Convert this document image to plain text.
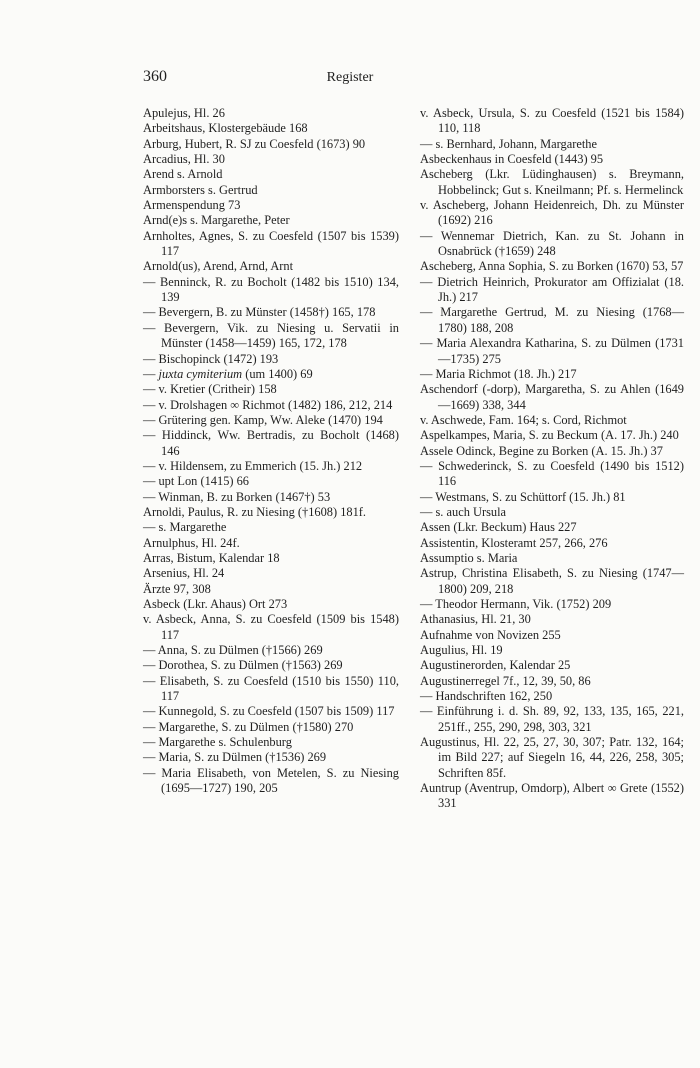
360	Register
Apulejus, Hl. 26
Arbeitshaus, Klostergebäude 168
Arburg, Hubert, R. SJ zu Coesfeld (1673) 90
Arcadius, Hl. 30
Arend s. Arnold
Armborsters s. Gertrud
Armenspendung 73
Arnd(e)s s. Margarethe, Peter
Arnholtes, Agnes, S. zu Coesfeld (1507 bis 1539) 117
Arnold(us), Arend, Arnd, Arnt
— Benninck, R. zu Bocholt (1482 bis 1510) 134, 139
— Bevergern, B. zu Münster (1458†) 165, 178
— Bevergern, Vik. zu Niesing u. Servatii in Münster (1458—1459) 165, 172, 178
— Bischopinck (1472) 193
— juxta cymiterium (um 1400) 69
— v. Kretier (Critheir) 158
— v. Drolshagen ∞ Richmot (1482) 186, 212, 214
— Grütering gen. Kamp, Ww. Aleke (1470) 194
— Hiddinck, Ww. Bertradis, zu Bocholt (1468) 146
— v. Hildensem, zu Emmerich (15. Jh.) 212
— upt Lon (1415) 66
— Winman, B. zu Borken (1467†) 53
Arnoldi, Paulus, R. zu Niesing (†1608) 181f.
— s. Margarethe
Arnulphus, Hl. 24f.
Arras, Bistum, Kalendar 18
Arsenius, Hl. 24
Ärzte 97, 308
Asbeck (Lkr. Ahaus) Ort 273
v. Asbeck, Anna, S. zu Coesfeld (1509 bis 1548) 117
— Anna, S. zu Dülmen (†1566) 269
— Dorothea, S. zu Dülmen (†1563) 269
— Elisabeth, S. zu Coesfeld (1510 bis 1550) 110, 117
— Kunnegold, S. zu Coesfeld (1507 bis 1509) 117
— Margarethe, S. zu Dülmen (†1580) 270
— Margarethe s. Schulenburg
— Maria, S. zu Dülmen (†1536) 269
— Maria Elisabeth, von Metelen, S. zu Niesing (1695—1727) 190, 205
v. Asbeck, Ursula, S. zu Coesfeld (1521 bis 1584) 110, 118
— s. Bernhard, Johann, Margarethe
Asbeckenhaus in Coesfeld (1443) 95
Ascheberg (Lkr. Lüdinghausen) s. Breymann, Hobbelinck; Gut s. Kneilmann; Pf. s. Hermelinck
v. Ascheberg, Johann Heidenreich, Dh. zu Münster (1692) 216
— Wennemar Dietrich, Kan. zu St. Johann in Osnabrück (†1659) 248
Ascheberg, Anna Sophia, S. zu Borken (1670) 53, 57
— Dietrich Heinrich, Prokurator am Offizialat (18. Jh.) 217
— Margarethe Gertrud, M. zu Niesing (1768—1780) 188, 208
— Maria Alexandra Katharina, S. zu Dülmen (1731—1735) 275
— Maria Richmot (18. Jh.) 217
Aschendorf (-dorp), Margaretha, S. zu Ahlen (1649—1669) 338, 344
v. Aschwede, Fam. 164; s. Cord, Richmot
Aspelkampes, Maria, S. zu Beckum (A. 17. Jh.) 240
Assele Odinck, Begine zu Borken (A. 15. Jh.) 37
— Schwederinck, S. zu Coesfeld (1490 bis 1512) 116
— Westmans, S. zu Schüttorf (15. Jh.) 81
— s. auch Ursula
Assen (Lkr. Beckum) Haus 227
Assistentin, Klosteramt 257, 266, 276
Assumptio s. Maria
Astrup, Christina Elisabeth, S. zu Niesing (1747—1800) 209, 218
— Theodor Hermann, Vik. (1752) 209
Athanasius, Hl. 21, 30
Aufnahme von Novizen 255
Augulius, Hl. 19
Augustinerorden, Kalendar 25
Augustinerregel 7f., 12, 39, 50, 86
— Handschriften 162, 250
— Einführung i. d. Sh. 89, 92, 133, 135, 165, 221, 251ff., 255, 290, 298, 303, 321
Augustinus, Hl. 22, 25, 27, 30, 307; Patr. 132, 164; im Bild 227; auf Siegeln 16, 44, 226, 258, 305; Schriften 85f.
Auntrup (Aventrup, Omdorp), Albert ∞ Grete (1552) 331
